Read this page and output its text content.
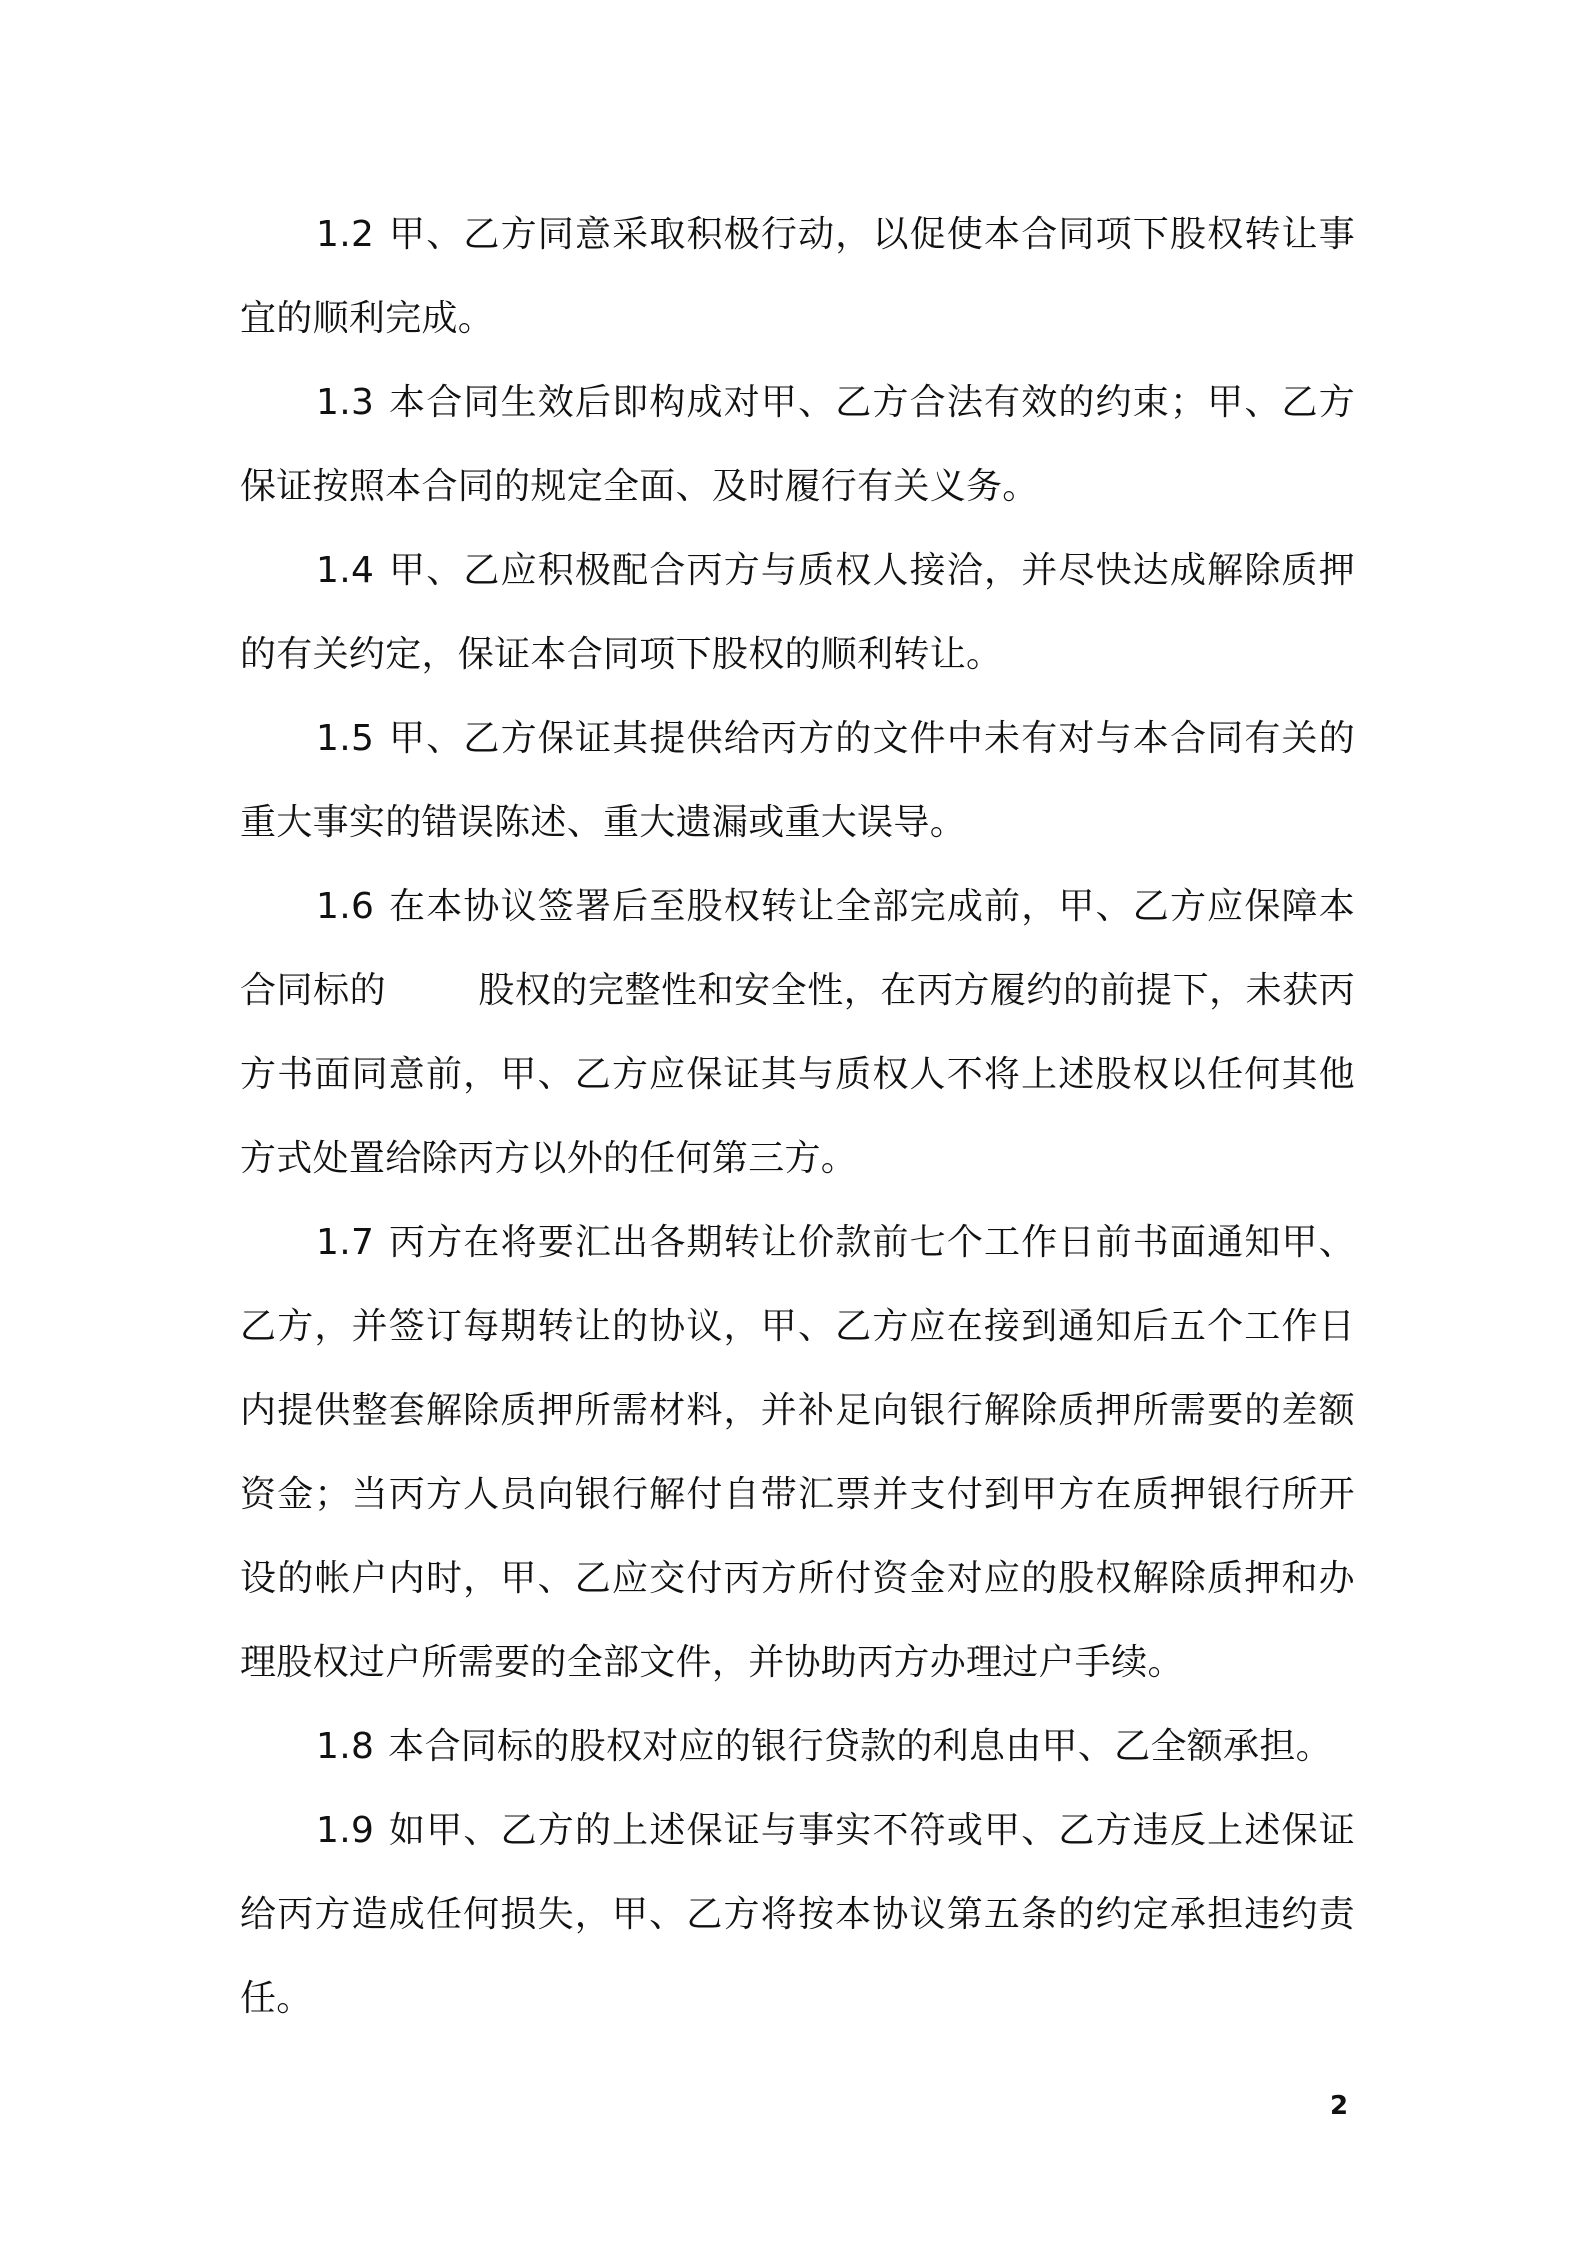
1.2 甲、乙方同意采取积极行动，以促使本合同项下股权转让事宜的顺利完成。

1.3 本合同生效后即构成对甲、乙方合法有效的约束；甲、乙方保证按照本合同的规定全面、及时履行有关义务。

1.4 甲、乙应积极配合丙方与质权人接洽，并尽快达成解除质押的有关约定，保证本合同项下股权的顺利转让。

1.5 甲、乙方保证其提供给丙方的文件中未有对与本合同有关的重大事实的错误陈述、重大遗漏或重大误导。

1.6 在本协议签署后至股权转让全部完成前，甲、乙方应保障本合同标的	股权的完整性和安全性，在丙方履约的前提下，未获丙方书面同意前，甲、乙方应保证其与质权人不将上述股权以任何其他方式处置给除丙方以外的任何第三方。

1.7 丙方在将要汇出各期转让价款前七个工作日前书面通知甲、乙方，并签订每期转让的协议，甲、乙方应在接到通知后五个工作日内提供整套解除质押所需材料，并补足向银行解除质押所需要的差额资金；当丙方人员向银行解付自带汇票并支付到甲方在质押银行所开设的帐户内时，甲、乙应交付丙方所付资金对应的股权解除质押和办理股权过户所需要的全部文件，并协助丙方办理过户手续。

1.8 本合同标的股权对应的银行贷款的利息由甲、乙全额承担。

1.9 如甲、乙方的上述保证与事实不符或甲、乙方违反上述保证给丙方造成任何损失，甲、乙方将按本协议第五条的约定承担违约责任。

2
